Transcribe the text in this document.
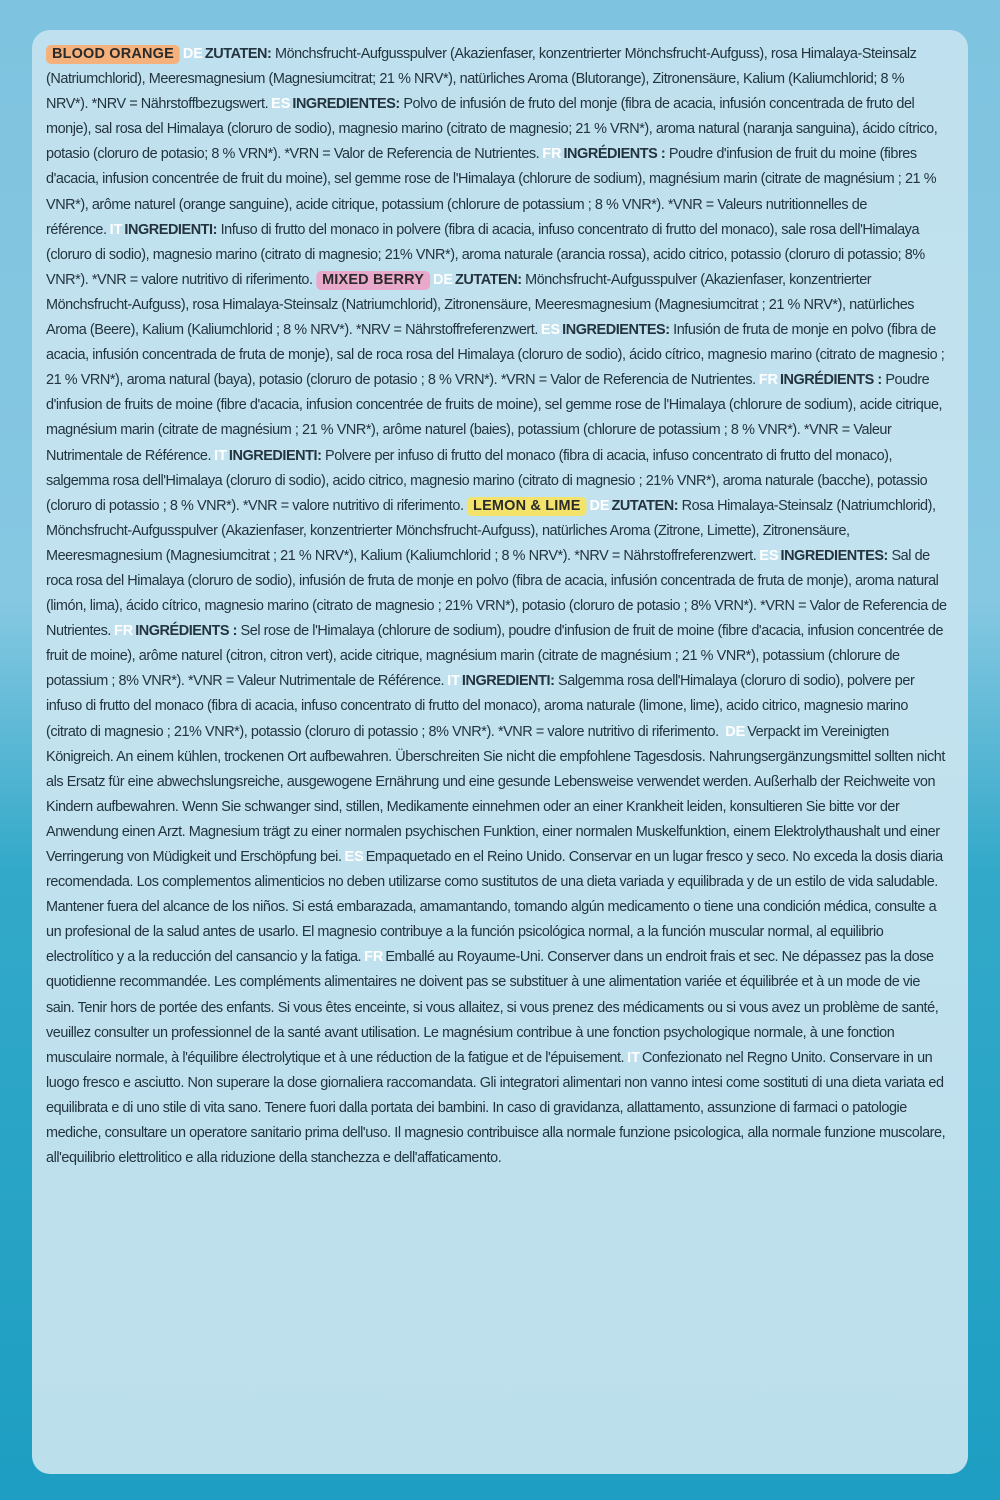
BLOOD ORANGE DE ZUTATEN: Mönchsfrucht-Aufgusspulver (Akazienfaser, konzentrierter Mönchsfrucht-Aufguss), rosa Himalaya-Steinsalz (Natriumchlorid), Meeresmagnesium (Magnesiumcitrat; 21 % NRV*), natürliches Aroma (Blutorange), Zitronensäure, Kalium (Kaliumchlorid; 8 % NRV*). *NRV = Nährstoffbezugswert. ES INGREDIENTES: Polvo de infusión de fruto del monje (fibra de acacia, infusión concentrada de fruto del monje), sal rosa del Himalaya (cloruro de sodio), magnesio marino (citrato de magnesio; 21 % VRN*), aroma natural (naranja sanguina), ácido cítrico, potasio (cloruro de potasio; 8 % VRN*). *VRN = Valor de Referencia de Nutrientes. FR INGRÉDIENTS : Poudre d'infusion de fruit du moine (fibres d'acacia, infusion concentrée de fruit du moine), sel gemme rose de l'Himalaya (chlorure de sodium), magnésium marin (citrate de magnésium ; 21 % VNR*), arôme naturel (orange sanguine), acide citrique, potassium (chlorure de potassium ; 8 % VNR*). *VNR = Valeurs nutritionnelles de référence. IT INGREDIENTI: Infuso di frutto del monaco in polvere (fibra di acacia, infuso concentrato di frutto del monaco), sale rosa dell'Himalaya (cloruro di sodio), magnesio marino (citrato di magnesio; 21% VNR*), aroma naturale (arancia rossa), acido citrico, potassio (cloruro di potassio; 8% VNR*). *VNR = valore nutritivo di riferimento. MIXED BERRY DE ZUTATEN: Mönchsfrucht-Aufgusspulver (Akazienfaser, konzentrierter Mönchsfrucht-Aufguss), rosa Himalaya-Steinsalz (Natriumchlorid), Zitronensäure, Meeresmagnesium (Magnesiumcitrat ; 21 % NRV*), natürliches Aroma (Beere), Kalium (Kaliumchlorid ; 8 % NRV*). *NRV = Nährstoffreferenzwert. ES INGREDIENTES: Infusión de fruta de monje en polvo (fibra de acacia, infusión concentrada de fruta de monje), sal de roca rosa del Himalaya (cloruro de sodio), ácido cítrico, magnesio marino (citrato de magnesio ; 21 % VRN*), aroma natural (baya), potasio (cloruro de potasio ; 8 % VRN*). *VRN = Valor de Referencia de Nutrientes. FR INGRÉDIENTS : Poudre d'infusion de fruits de moine (fibre d'acacia, infusion concentrée de fruits de moine), sel gemme rose de l'Himalaya (chlorure de sodium), acide citrique, magnésium marin (citrate de magnésium ; 21 % VNR*), arôme naturel (baies), potassium (chlorure de potassium ; 8 % VNR*). *VNR = Valeur Nutrimentale de Référence. IT INGREDIENTI: Polvere per infuso di frutto del monaco (fibra di acacia, infuso concentrato di frutto del monaco), salgemma rosa dell'Himalaya (cloruro di sodio), acido citrico, magnesio marino (citrato di magnesio ; 21% VNR*), aroma naturale (bacche), potassio (cloruro di potassio ; 8 % VNR*). *VNR = valore nutritivo di riferimento. LEMON & LIME DE ZUTATEN: Rosa Himalaya-Steinsalz (Natriumchlorid), Mönchsfrucht-Aufgusspulver (Akazienfaser, konzentrierter Mönchsfrucht-Aufguss), natürliches Aroma (Zitrone, Limette), Zitronensäure, Meeresmagnesium (Magnesiumcitrat ; 21 % NRV*), Kalium (Kaliumchlorid ; 8 % NRV*). *NRV = Nährstoffreferenzwert. ES INGREDIENTES: Sal de roca rosa del Himalaya (cloruro de sodio), infusión de fruta de monje en polvo (fibra de acacia, infusión concentrada de fruta de monje), aroma natural (limón, lima), ácido cítrico, magnesio marino (citrato de magnesio ; 21% VRN*), potasio (cloruro de potasio ; 8% VRN*). *VRN = Valor de Referencia de Nutrientes. FR INGRÉDIENTS : Sel rose de l'Himalaya (chlorure de sodium), poudre d'infusion de fruit de moine (fibre d'acacia, infusion concentrée de fruit de moine), arôme naturel (citron, citron vert), acide citrique, magnésium marin (citrate de magnésium ; 21 % VNR*), potassium (chlorure de potassium ; 8% VNR*). *VNR = Valeur Nutrimentale de Référence. IT INGREDIENTI: Salgemma rosa dell'Himalaya (cloruro di sodio), polvere per infuso di frutto del monaco (fibra di acacia, infuso concentrato di frutto del monaco), aroma naturale (limone, lime), acido citrico, magnesio marino (citrato di magnesio ; 21% VNR*), potassio (cloruro di potassio ; 8% VNR*). *VNR = valore nutritivo di riferimento. DE Verpackt im Vereinigten Königreich. An einem kühlen, trockenen Ort aufbewahren. Überschreiten Sie nicht die empfohlene Tagesdosis. Nahrungsergänzungsmittel sollten nicht als Ersatz für eine abwechslungsreiche, ausgewogene Ernährung und eine gesunde Lebensweise verwendet werden. Außerhalb der Reichweite von Kindern aufbewahren. Wenn Sie schwanger sind, stillen, Medikamente einnehmen oder an einer Krankheit leiden, konsultieren Sie bitte vor der Anwendung einen Arzt. Magnesium trägt zu einer normalen psychischen Funktion, einer normalen Muskelfunktion, einem Elektrolythaushalt und einer Verringerung von Müdigkeit und Erschöpfung bei. ES Empaquetado en el Reino Unido. Conservar en un lugar fresco y seco. No exceda la dosis diaria recomendada. Los complementos alimenticios no deben utilizarse como sustitutos de una dieta variada y equilibrada y de un estilo de vida saludable. Mantener fuera del alcance de los niños. Si está embarazada, amamantando, tomando algún medicamento o tiene una condición médica, consulte a un profesional de la salud antes de usarlo. El magnesio contribuye a la función psicológica normal, a la función muscular normal, al equilibrio electrolítico y a la reducción del cansancio y la fatiga. FR Emballé au Royaume-Uni. Conserver dans un endroit frais et sec. Ne dépassez pas la dose quotidienne recommandée. Les compléments alimentaires ne doivent pas se substituer à une alimentation variée et équilibrée et à un mode de vie sain. Tenir hors de portée des enfants. Si vous êtes enceinte, si vous allaitez, si vous prenez des médicaments ou si vous avez un problème de santé, veuillez consulter un professionnel de la santé avant utilisation. Le magnésium contribue à une fonction psychologique normale, à une fonction musculaire normale, à l'équilibre électrolytique et à une réduction de la fatigue et de l'épuisement. IT Confezionato nel Regno Unito. Conservare in un luogo fresco e asciutto. Non superare la dose giornaliera raccomandata. Gli integratori alimentari non vanno intesi come sostituti di una dieta variata ed equilibrata e di uno stile di vita sano. Tenere fuori dalla portata dei bambini. In caso di gravidanza, allattamento, assunzione di farmaci o patologie mediche, consultare un operatore sanitario prima dell'uso. Il magnesio contribuisce alla normale funzione psicologica, alla normale funzione muscolare, all'equilibrio elettrolitico e alla riduzione della stanchezza e dell'affaticamento.
